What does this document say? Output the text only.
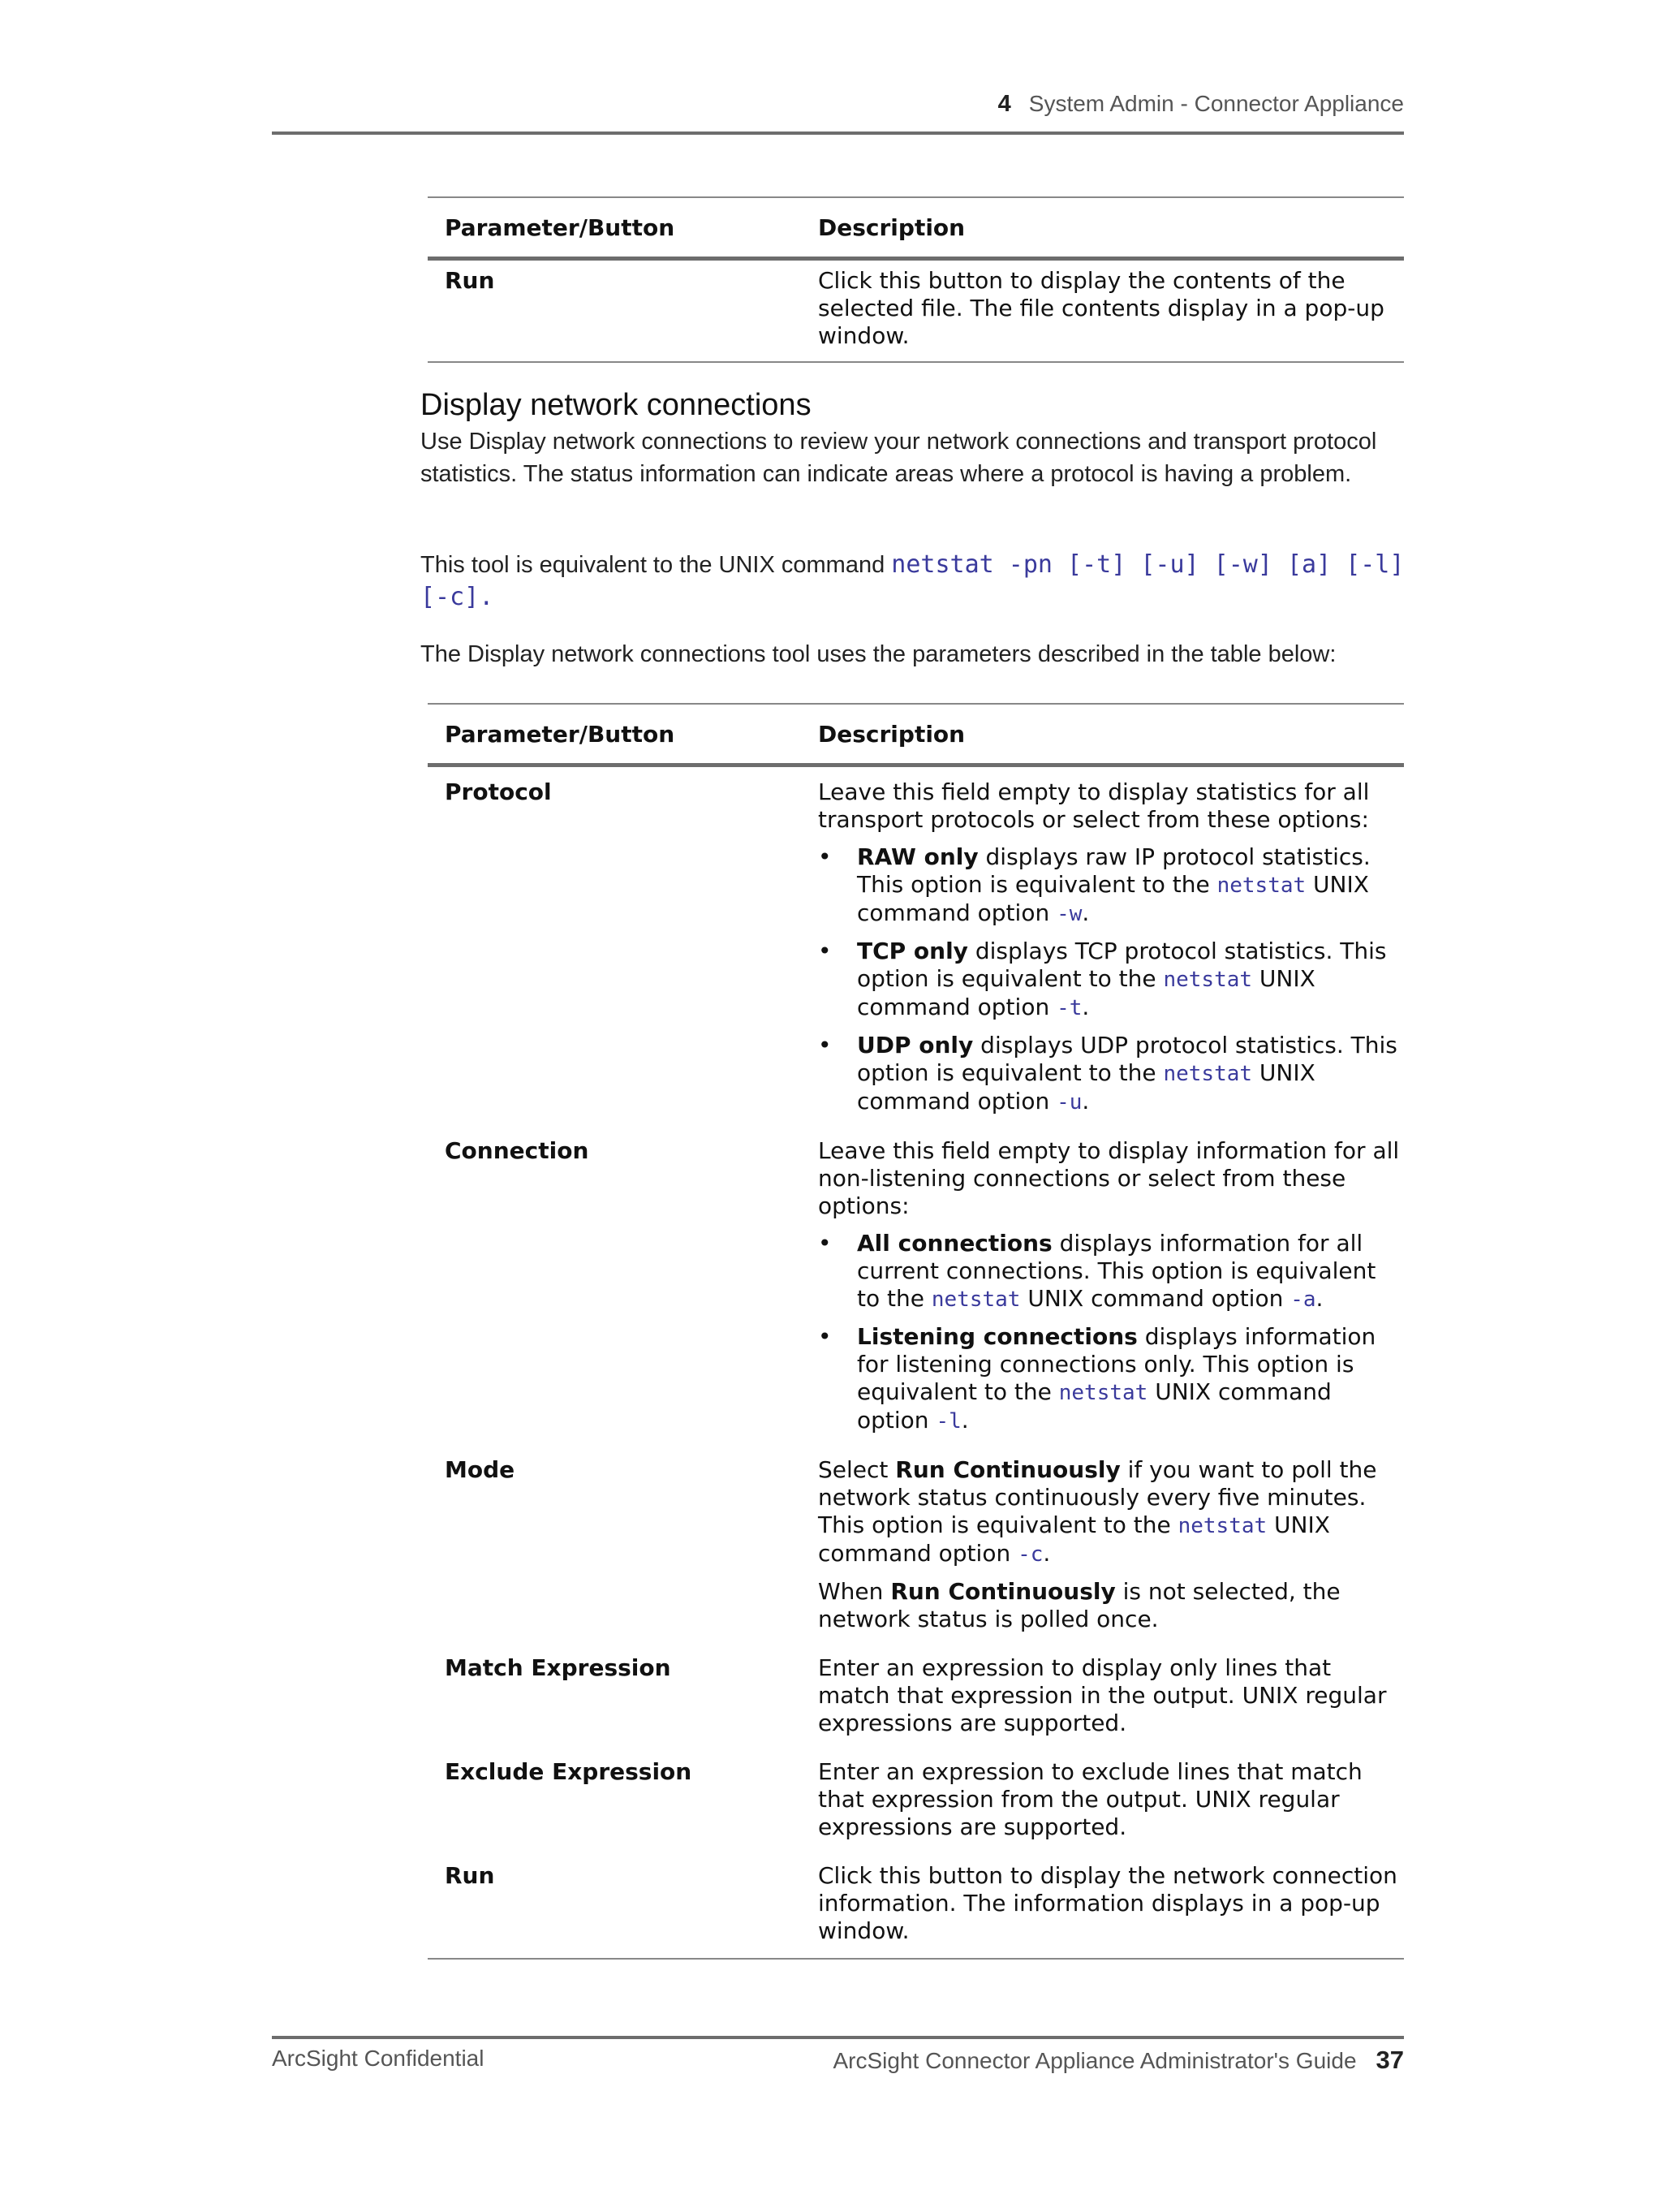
4 System Admin - Connector Appliance
Parameter/Button	Description
Run	Click this button to display the contents of the selected file. The file contents display in a pop-up window.

Display network connections
Use Display network connections to review your network connections and transport protocol statistics. The status information can indicate areas where a protocol is having a problem.
This tool is equivalent to the UNIX command netstat -pn [-t] [-u] [-w] [a] [-l] [-c].
The Display network connections tool uses the parameters described in the table below:
Parameter/Button	Description
Protocol	Leave this field empty to display statistics for all transport protocols or select from these options:

• RAW only displays raw IP protocol statistics. This option is equivalent to the netstat UNIX command option -w.
• TCP only displays TCP protocol statistics. This option is equivalent to the netstat UNIX command option -t.
• UDP only displays UDP protocol statistics. This option is equivalent to the netstat UNIX command option -u.
Connection	Leave this field empty to display information for all non-listening connections or select from these options:

• All connections displays information for all current connections. This option is equivalent to the netstat UNIX command option -a.
• Listening connections displays information for listening connections only. This option is equivalent to the netstat UNIX command option -l.
Mode	Select Run Continuously if you want to poll the network status continuously every five minutes. This option is equivalent to the netstat UNIX command option -c.

When Run Continuously is not selected, the network status is polled once.

Match Expression	Enter an expression to display only lines that match that expression in the output. UNIX regular expressions are supported.

Exclude Expression	Enter an expression to exclude lines that match that expression from the output. UNIX regular expressions are supported.

Run	Click this button to display the network connection information. The information displays in a pop-up window.

ArcSight Confidential	ArcSight Connector Appliance Administrator's Guide 37
